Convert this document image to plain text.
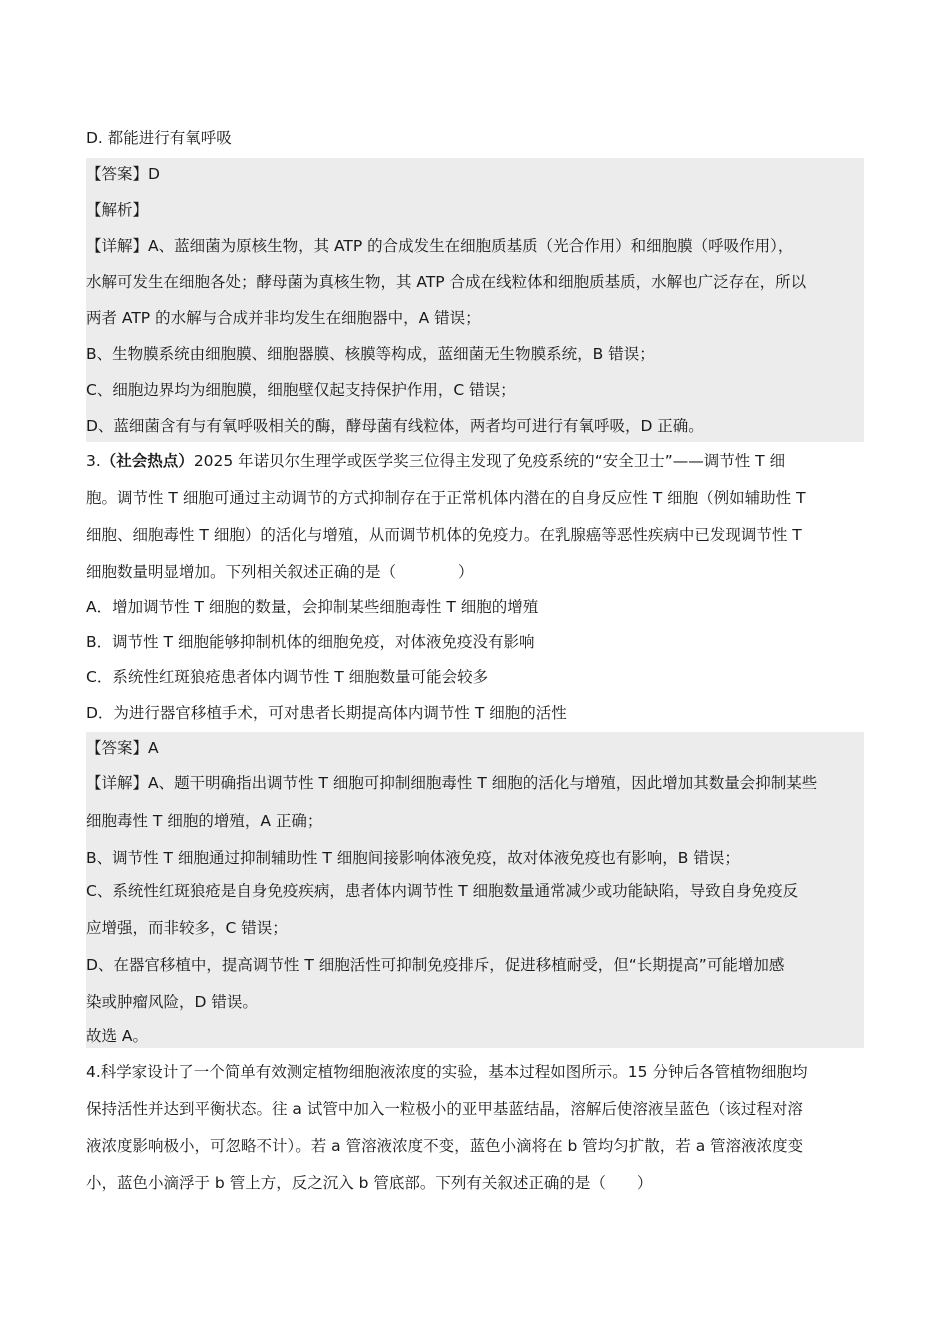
D. 都能进行有氧呼吸
【答案】D
【解析】
【详解】A、蓝细菌为原核生物，其 ATP 的合成发生在细胞质基质（光合作用）和细胞膜（呼吸作用），
水解可发生在细胞各处；酵母菌为真核生物，其 ATP 合成在线粒体和细胞质基质，水解也广泛存在，所以
两者 ATP 的水解与合成并非均发生在细胞器中，A 错误；
B、生物膜系统由细胞膜、细胞器膜、核膜等构成，蓝细菌无生物膜系统，B 错误；
C、细胞边界均为细胞膜，细胞壁仅起支持保护作用，C 错误；
D、蓝细菌含有与有氧呼吸相关的酶，酵母菌有线粒体，两者均可进行有氧呼吸，D 正确。
3.（社会热点）2025 年诺贝尔生理学或医学奖三位得主发现了免疫系统的“安全卫士”——调节性 T 细
胞。调节性 T 细胞可通过主动调节的方式抑制存在于正常机体内潜在的自身反应性 T 细胞（例如辅助性 T
细胞、细胞毒性 T 细胞）的活化与增殖，从而调节机体的免疫力。在乳腺癌等恶性疾病中已发现调节性 T
细胞数量明显增加。下列相关叙述正确的是（　　　　）
A．增加调节性 T 细胞的数量，会抑制某些细胞毒性 T 细胞的增殖
B．调节性 T 细胞能够抑制机体的细胞免疫，对体液免疫没有影响
C．系统性红斑狼疮患者体内调节性 T 细胞数量可能会较多
D．为进行器官移植手术，可对患者长期提高体内调节性 T 细胞的活性
【答案】A
【详解】A、题干明确指出调节性 T 细胞可抑制细胞毒性 T 细胞的活化与增殖，因此增加其数量会抑制某些
细胞毒性 T 细胞的增殖，A 正确；
B、调节性 T 细胞通过抑制辅助性 T 细胞间接影响体液免疫，故对体液免疫也有影响，B 错误；
C、系统性红斑狼疮是自身免疫疾病，患者体内调节性 T 细胞数量通常减少或功能缺陷，导致自身免疫反
应增强，而非较多，C 错误；
D、在器官移植中，提高调节性 T 细胞活性可抑制免疫排斥，促进移植耐受，但“长期提高”可能增加感
染或肿瘤风险，D 错误。
故选 A。
4.科学家设计了一个简单有效测定植物细胞液浓度的实验，基本过程如图所示。15 分钟后各管植物细胞均
保持活性并达到平衡状态。往 a 试管中加入一粒极小的亚甲基蓝结晶，溶解后使溶液呈蓝色（该过程对溶
液浓度影响极小，可忽略不计）。若 a 管溶液浓度不变，蓝色小滴将在 b 管均匀扩散，若 a 管溶液浓度变
小，蓝色小滴浮于 b 管上方，反之沉入 b 管底部。下列有关叙述正确的是（　　）
